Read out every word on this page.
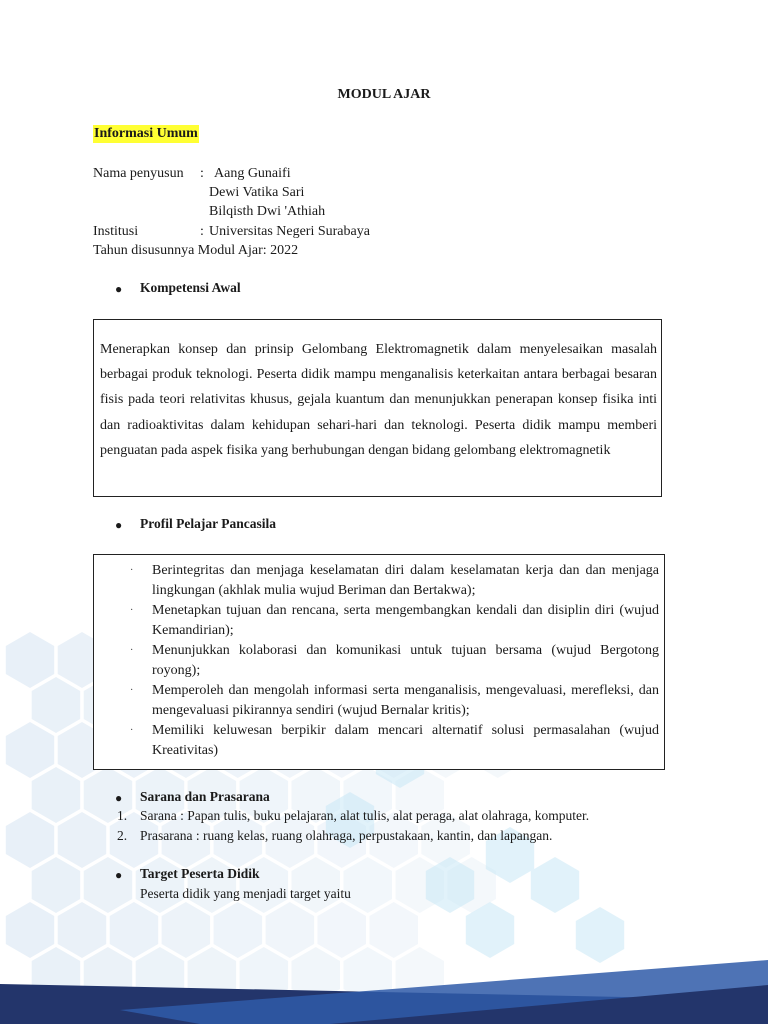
MODUL AJAR
Informasi Umum
Nama penyusun : Aang Gunaifi
Dewi Vatika Sari
Bilqisth Dwi 'Athiah
Institusi	: Universitas Negeri Surabaya
Tahun disusunnya Modul Ajar: 2022
● Kompetensi Awal
Menerapkan konsep dan prinsip Gelombang Elektromagnetik dalam menyelesaikan masalah berbagai produk teknologi. Peserta didik mampu menganalisis keterkaitan antara berbagai besaran fisis pada teori relativitas khusus, gejala kuantum dan menunjukkan penerapan konsep fisika inti dan radioaktivitas dalam kehidupan sehari-hari dan teknologi. Peserta didik mampu memberi penguatan pada aspek fisika yang berhubungan dengan bidang gelombang elektromagnetik
● Profil Pelajar Pancasila
· Berintegritas dan menjaga keselamatan diri dalam keselamatan kerja dan dan menjaga lingkungan (akhlak mulia wujud Beriman dan Bertakwa);
· Menetapkan tujuan dan rencana, serta mengembangkan kendali dan disiplin diri (wujud Kemandirian);
· Menunjukkan kolaborasi dan komunikasi untuk tujuan bersama (wujud Bergotong royong);
· Memperoleh dan mengolah informasi serta menganalisis, mengevaluasi, merefleksi, dan mengevaluasi pikirannya sendiri (wujud Bernalar kritis);
· Memiliki keluwesan berpikir dalam mencari alternatif solusi permasalahan (wujud Kreativitas)
● Sarana dan Prasarana
1. Sarana : Papan tulis, buku pelajaran, alat tulis, alat peraga, alat olahraga, komputer.
2. Prasarana : ruang kelas, ruang olahraga, perpustakaan, kantin, dan lapangan.
● Target Peserta Didik
Peserta didik yang menjadi target yaitu
